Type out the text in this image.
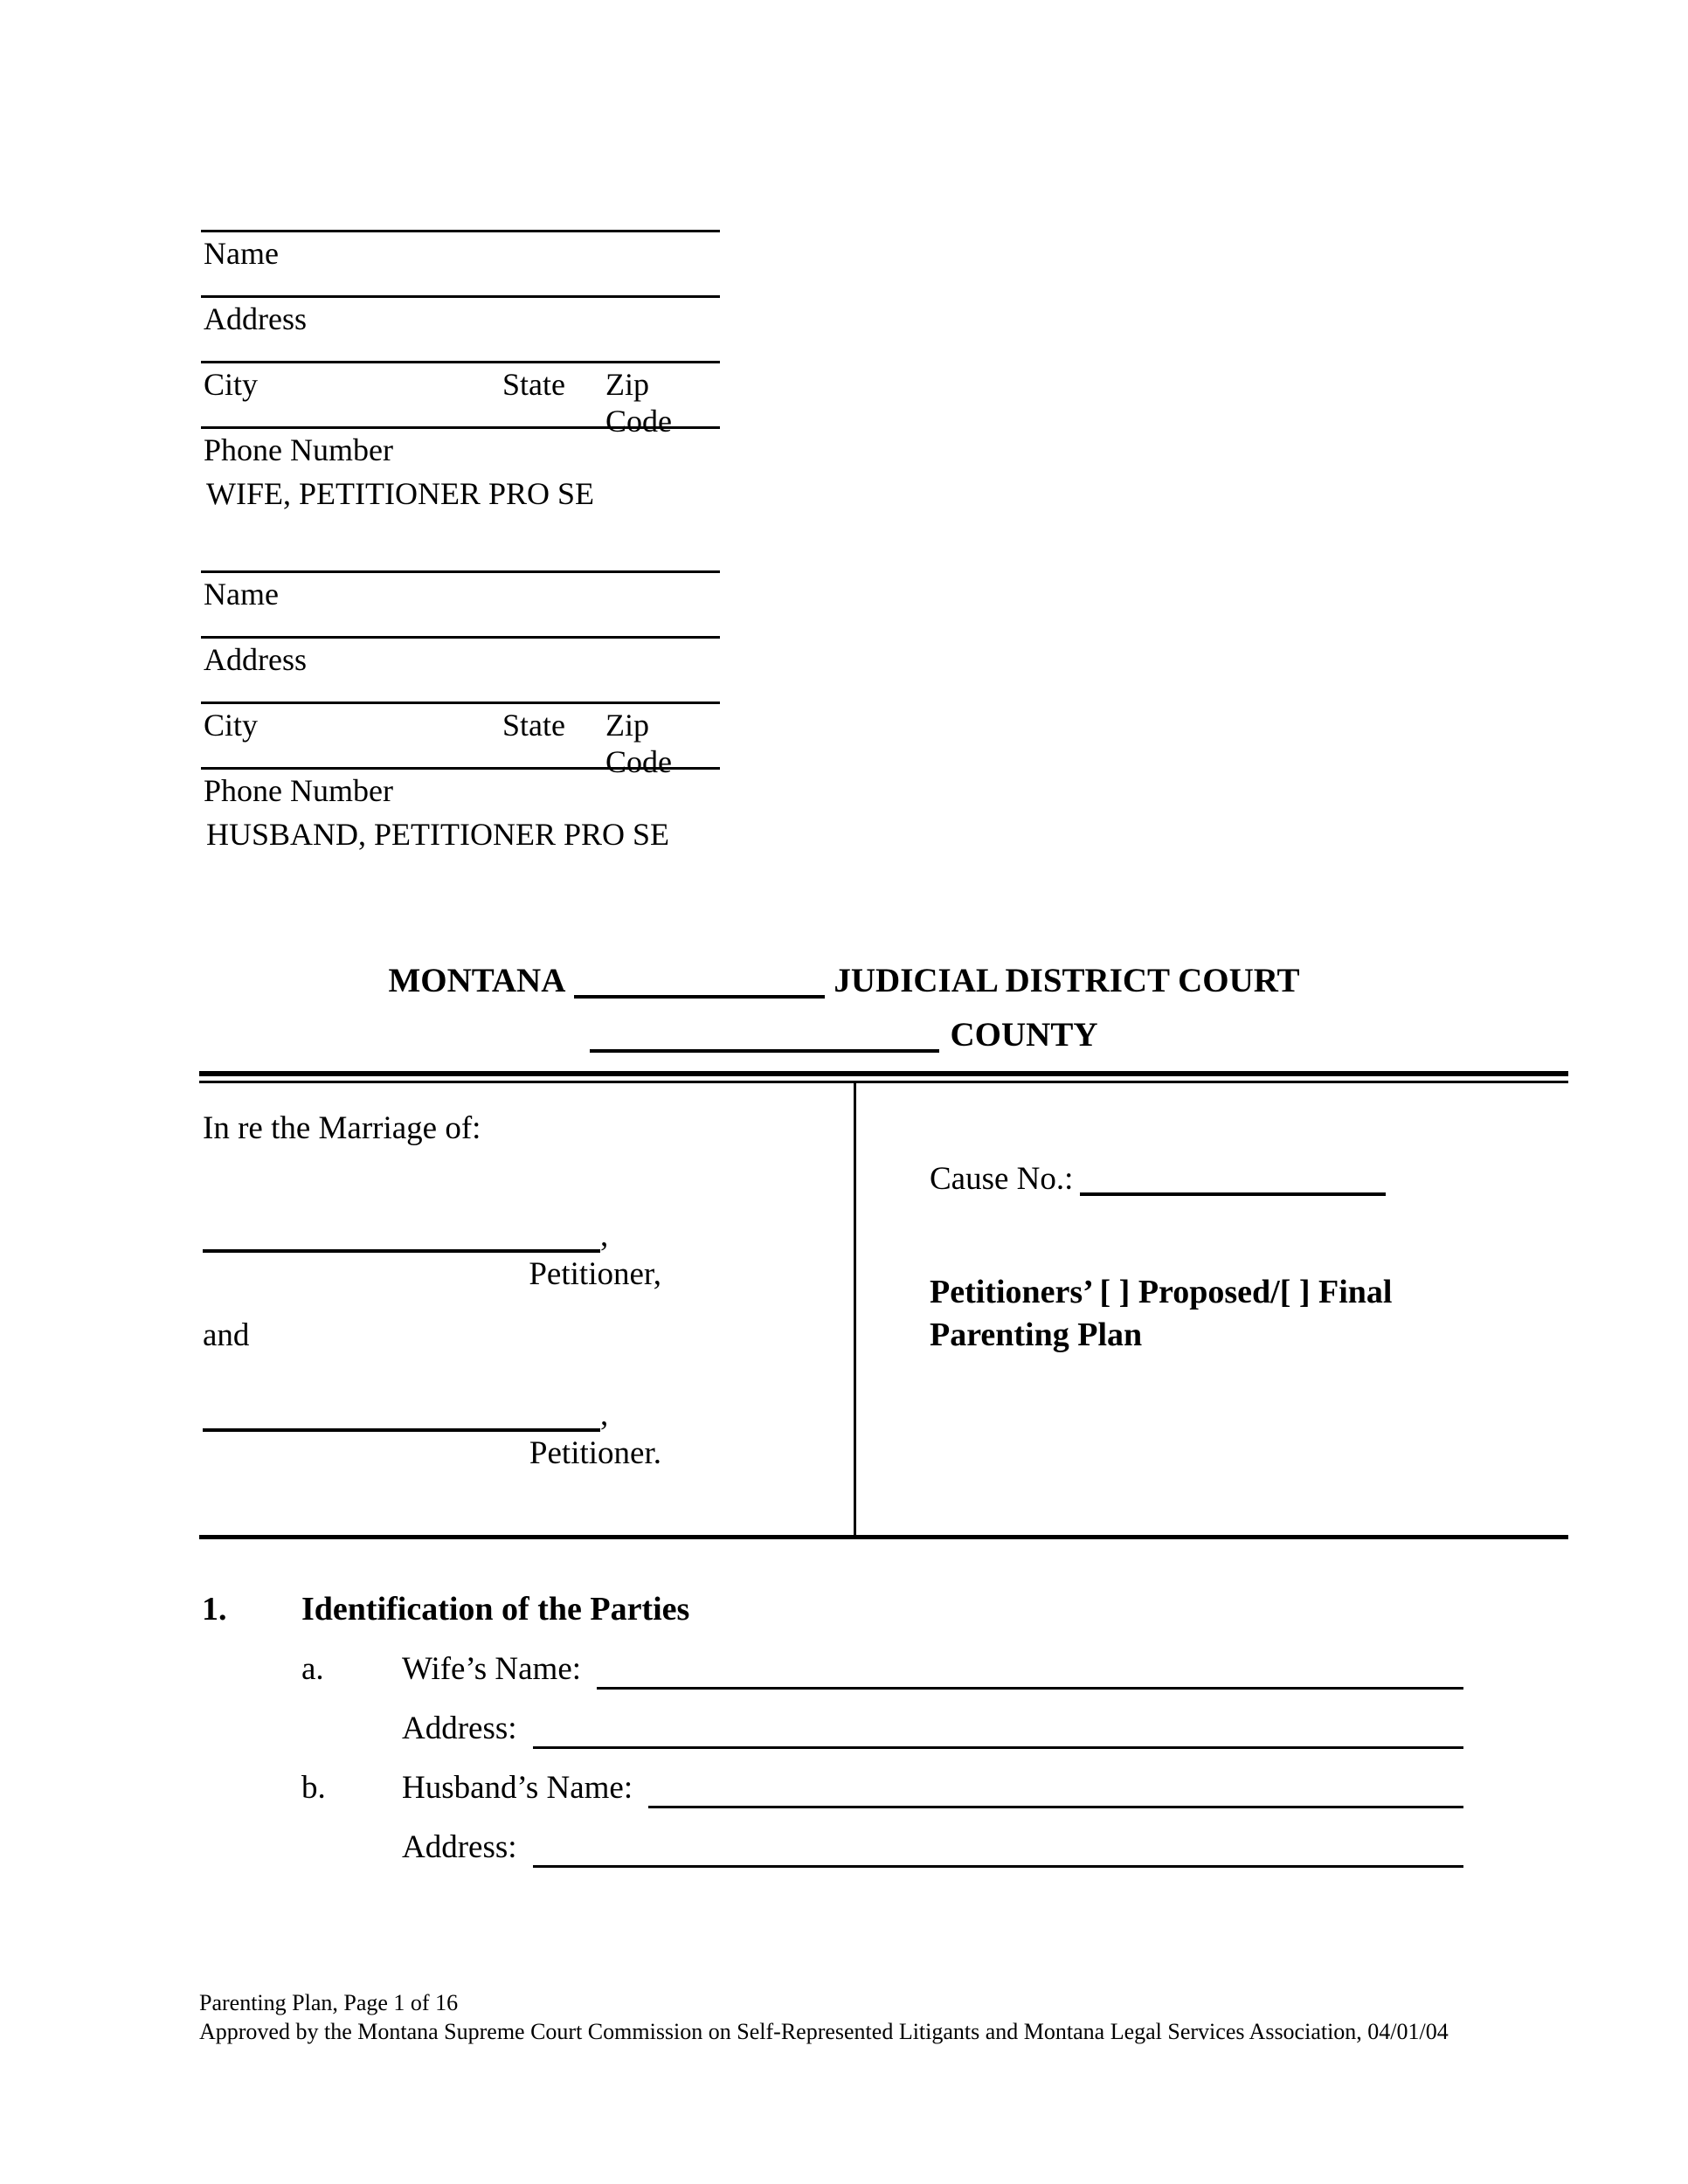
Name
Address
City	State Zip Code
Phone Number
WIFE, PETITIONER PRO SE
Name
Address
City	State Zip Code
Phone Number
HUSBAND, PETITIONER PRO SE
MONTANA	JUDICIAL DISTRICT COURT
COUNTY
In re the Marriage of:
,
Petitioner,
and
,
Petitioner.
Cause No.:
Petitioners’ [ ] Proposed/[ ] Final Parenting Plan
1. Identification of the Parties
a.	Wife’s Name:
Address:
b.	Husband’s Name:
Address:
Parenting Plan, Page 1 of 16
Approved by the Montana Supreme Court Commission on Self-Represented Litigants and Montana Legal Services Association, 04/01/04
